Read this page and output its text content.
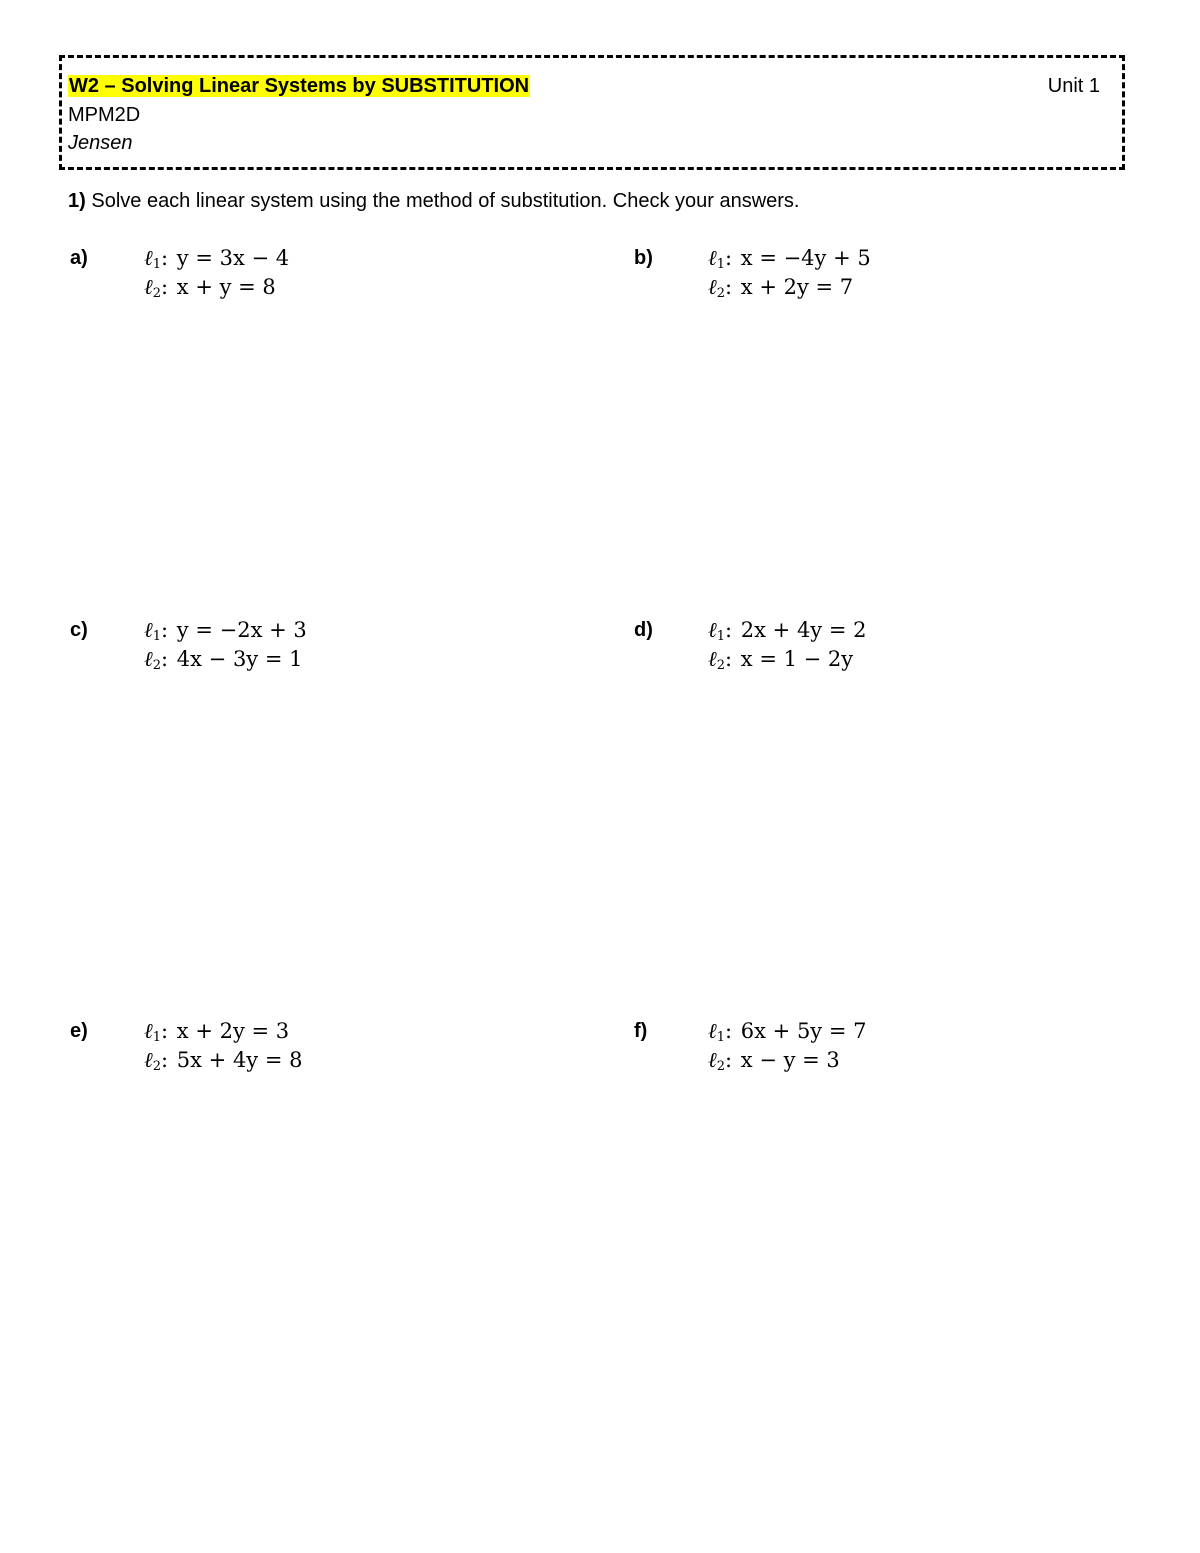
W2 – Solving Linear Systems by SUBSTITUTION	Unit 1
MPM2D
Jensen
1) Solve each linear system using the method of substitution. Check your answers.
a)	ℓ$_1$: y = 3x − 4
ℓ$_2$: x + y = 8
b)	ℓ$_1$: x = −4y + 5
ℓ$_2$: x + 2y = 7
c)	ℓ$_1$: y = −2x + 3
ℓ$_2$: 4x − 3y = 1
d)	ℓ$_1$: 2x + 4y = 2
ℓ$_2$: x = 1 − 2y
e)	ℓ$_1$: x + 2y = 3
ℓ$_2$: 5x + 4y = 8
f)	ℓ$_1$: 6x + 5y = 7
ℓ$_2$: x − y = 3
